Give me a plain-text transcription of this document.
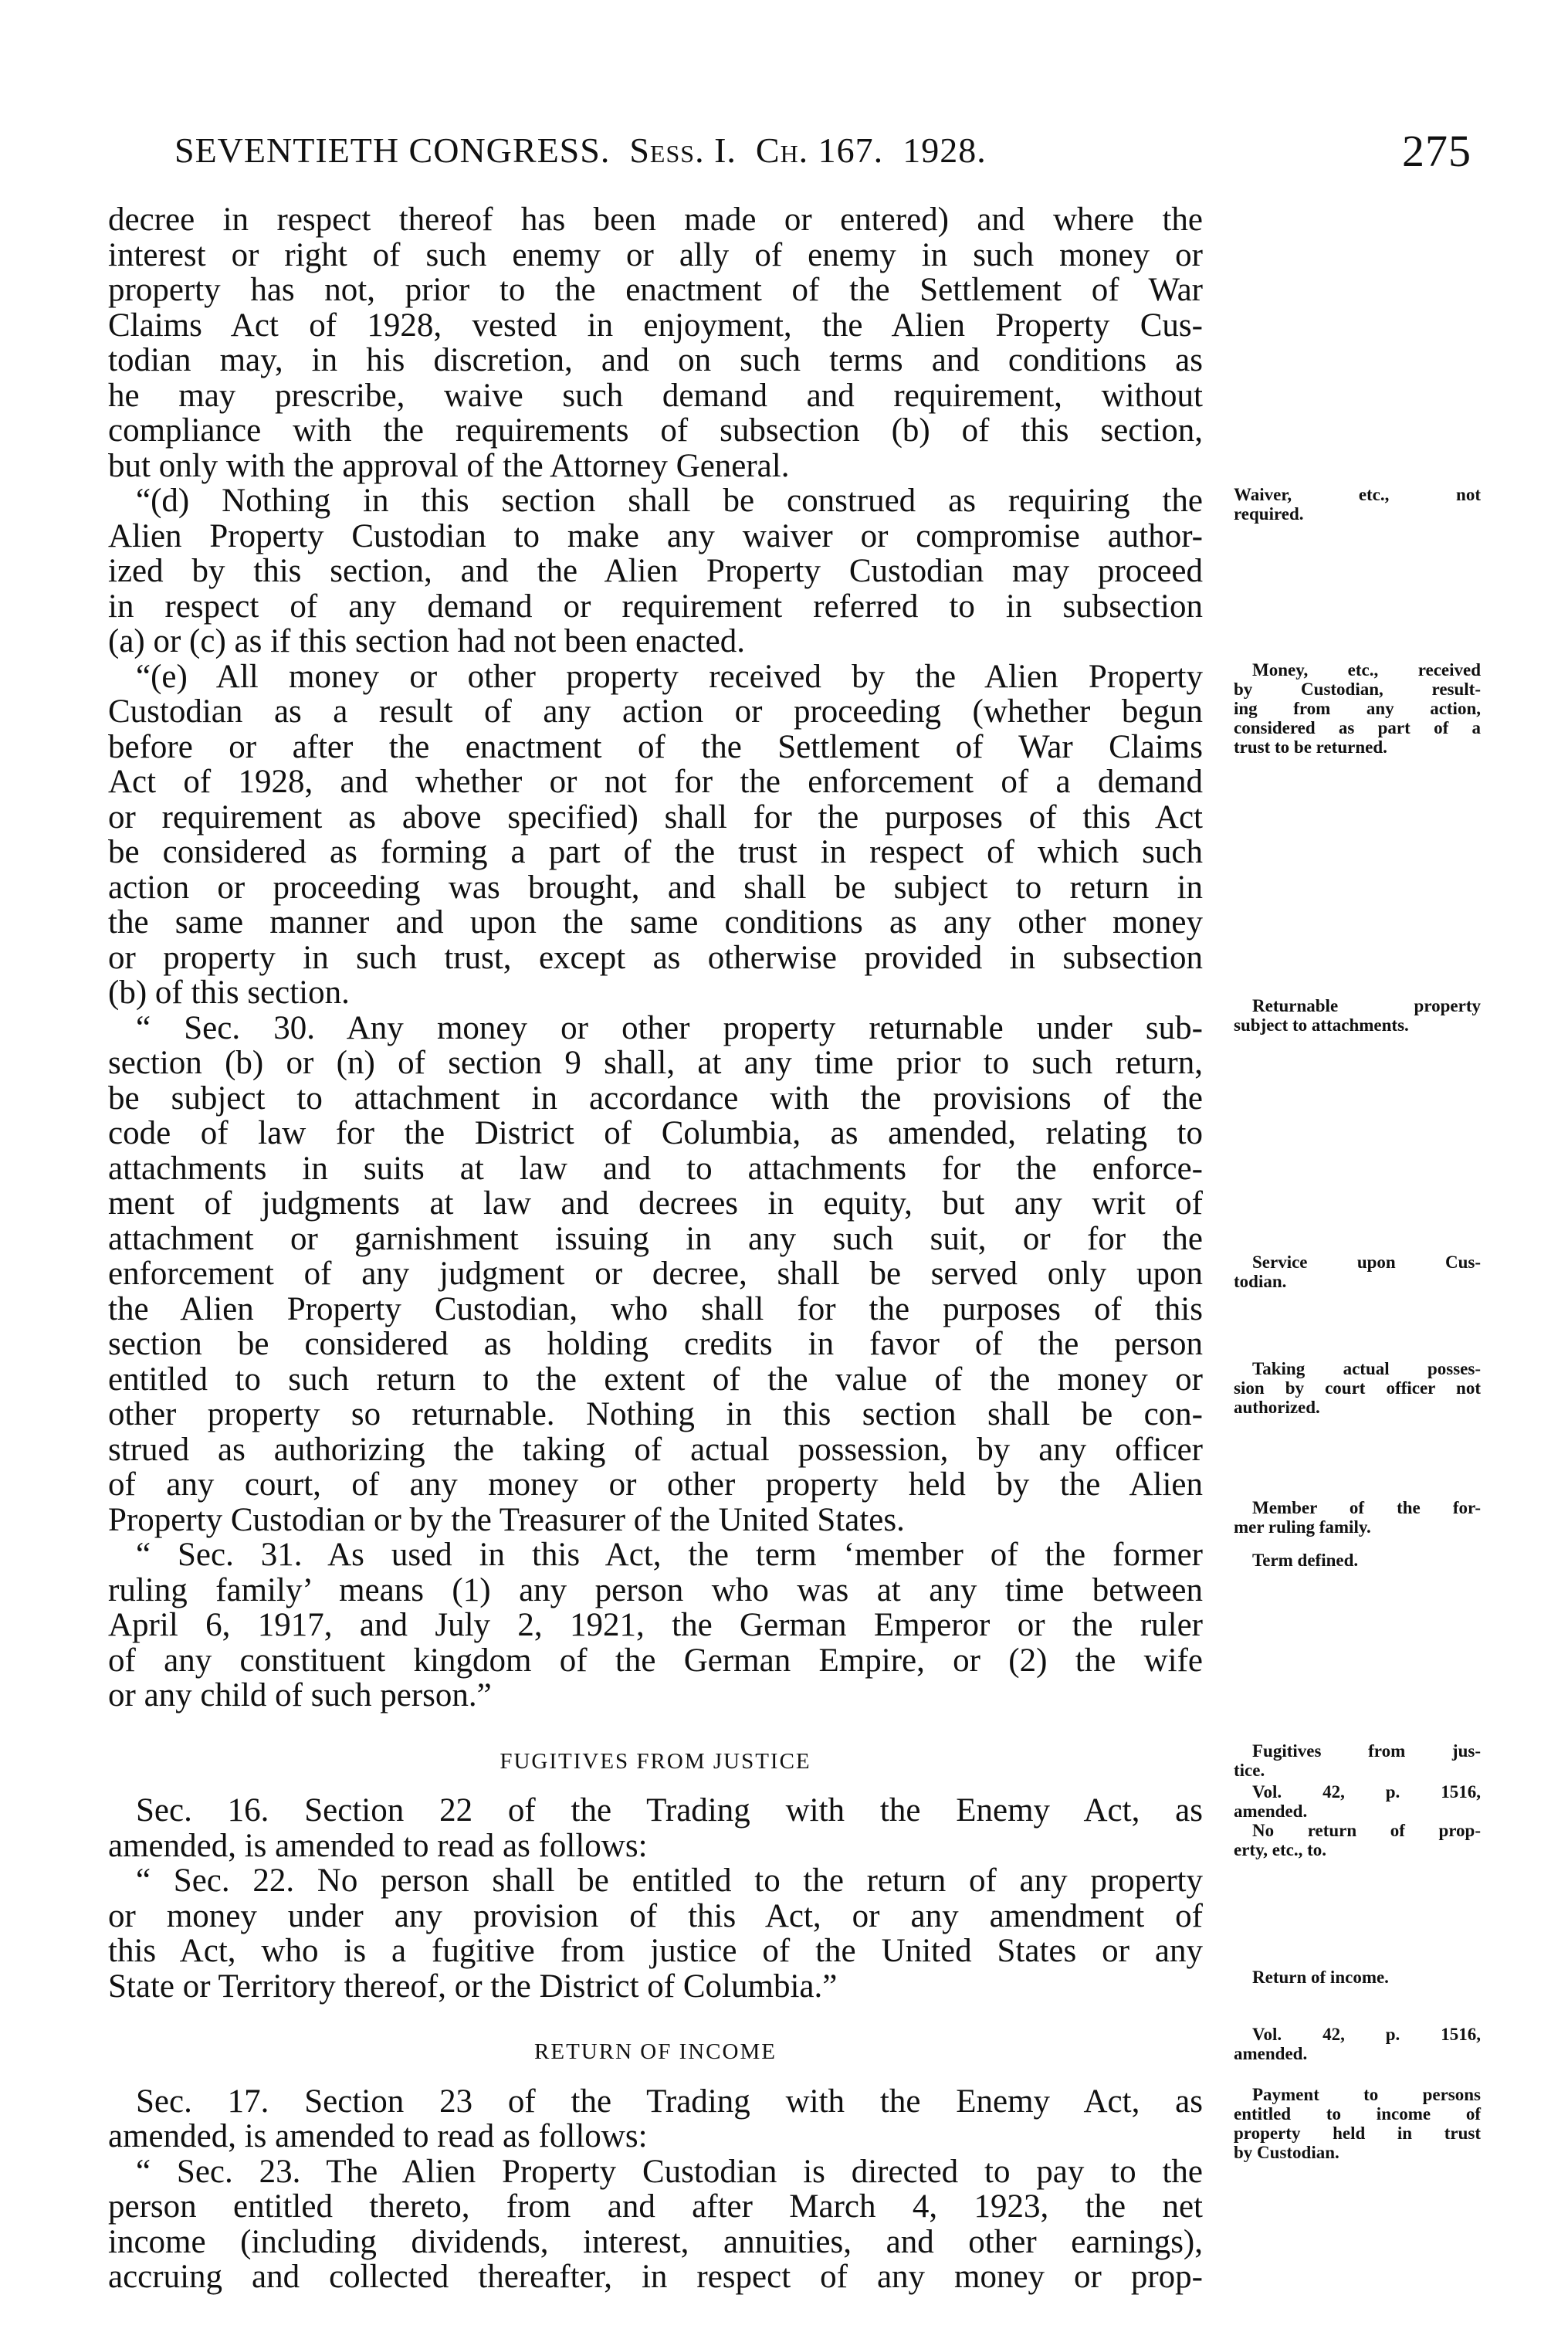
SEVENTIETH CONGRESS. Sess. I. Ch. 167. 1928.	275
decree in respect thereof has been made or entered) and where the
interest or right of such enemy or ally of enemy in such money or
property has not, prior to the enactment of the Settlement of War
Claims Act of 1928, vested in enjoyment, the Alien Property Cus-
todian may, in his discretion, and on such terms and conditions as
he may prescribe, waive such demand and requirement, without
compliance with the requirements of subsection (b) of this section,
but only with the approval of the Attorney General.
“(d) Nothing in this section shall be construed as requiring the
Alien Property Custodian to make any waiver or compromise author-
ized by this section, and the Alien Property Custodian may proceed
in respect of any demand or requirement referred to in subsection
(a) or (c) as if this section had not been enacted.
“(e) All money or other property received by the Alien Property
Custodian as a result of any action or proceeding (whether begun
before or after the enactment of the Settlement of War Claims
Act of 1928, and whether or not for the enforcement of a demand
or requirement as above specified) shall for the purposes of this Act
be considered as forming a part of the trust in respect of which such
action or proceeding was brought, and shall be subject to return in
the same manner and upon the same conditions as any other money
or property in such trust, except as otherwise provided in subsection
(b) of this section.
“ Sec. 30. Any money or other property returnable under sub-
section (b) or (n) of section 9 shall, at any time prior to such return,
be subject to attachment in accordance with the provisions of the
code of law for the District of Columbia, as amended, relating to
attachments in suits at law and to attachments for the enforce-
ment of judgments at law and decrees in equity, but any writ of
attachment or garnishment issuing in any such suit, or for the
enforcement of any judgment or decree, shall be served only upon
the Alien Property Custodian, who shall for the purposes of this
section be considered as holding credits in favor of the person
entitled to such return to the extent of the value of the money or
other property so returnable. Nothing in this section shall be con-
strued as authorizing the taking of actual possession, by any officer
of any court, of any money or other property held by the Alien
Property Custodian or by the Treasurer of the United States.
“ Sec. 31. As used in this Act, the term ‘member of the former
ruling family’ means (1) any person who was at any time between
April 6, 1917, and July 2, 1921, the German Emperor or the ruler
of any constituent kingdom of the German Empire, or (2) the wife
or any child of such person.”
FUGITIVES FROM JUSTICE
Sec. 16. Section 22 of the Trading with the Enemy Act, as
amended, is amended to read as follows:
“ Sec. 22. No person shall be entitled to the return of any property
or money under any provision of this Act, or any amendment of
this Act, who is a fugitive from justice of the United States or any
State or Territory thereof, or the District of Columbia.”
RETURN OF INCOME
Sec. 17. Section 23 of the Trading with the Enemy Act, as
amended, is amended to read as follows:
“ Sec. 23. The Alien Property Custodian is directed to pay to the
person entitled thereto, from and after March 4, 1923, the net
income (including dividends, interest, annuities, and other earnings),
accruing and collected thereafter, in respect of any money or prop-
Waiver, etc., not
required.
Money, etc., received
by Custodian, result-
ing from any action,
considered as part of a
trust to be returned.
Returnable property
subject to attachments.
Service upon Cus-
todian.
Taking actual posses-
sion by court officer not
authorized.
Member of the for-
mer ruling family.
Term defined.
Fugitives from jus-
tice.
Vol. 42, p. 1516,
amended.
No return of prop-
erty, etc., to.
Return of income.
Vol. 42, p. 1516,
amended.
Payment to persons
entitled to income of
property held in trust
by Custodian.
